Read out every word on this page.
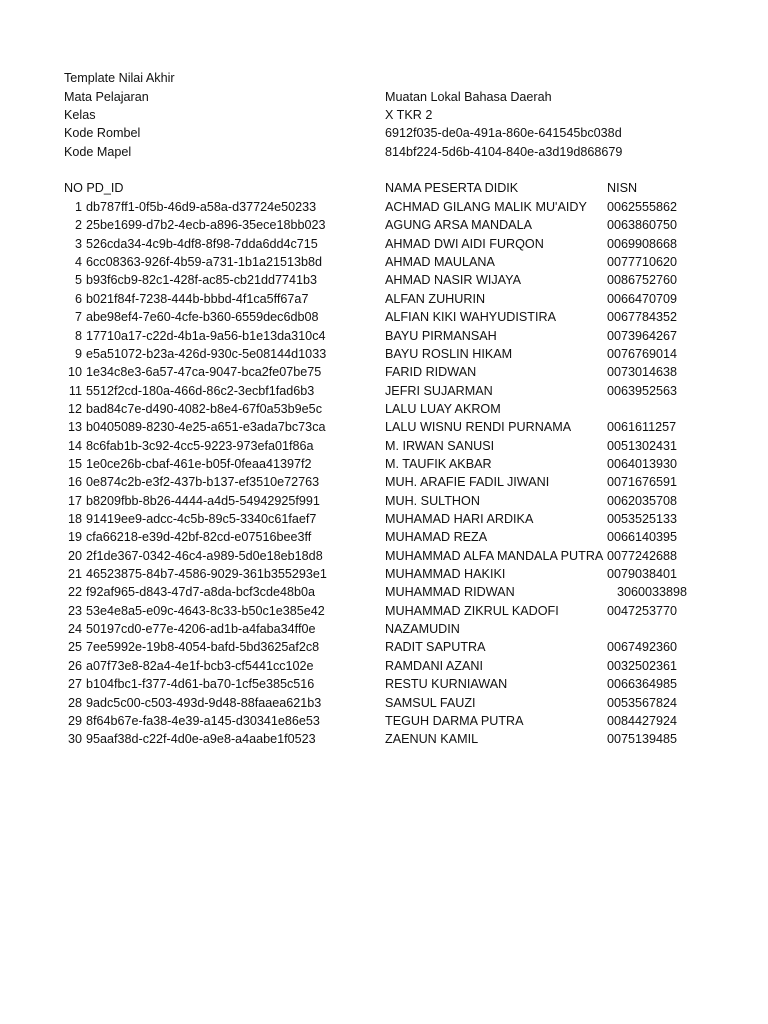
Template Nilai Akhir
Mata Pelajaran	Muatan Lokal Bahasa Daerah
Kelas	X TKR 2
Kode Rombel	6912f035-de0a-491a-860e-641545bc038d
Kode Mapel	814bf224-5d6b-4104-840e-a3d19d868679
NO PD_ID	NAMA PESERTA DIDIK	NISN
1 db787ff1-0f5b-46d9-a58a-d37724e50233	ACHMAD GILANG MALIK MU'AIDY 0062555862
2 25be1699-d7b2-4ecb-a896-35ece18bb023	AGUNG ARSA MANDALA	0063860750
3 526cda34-4c9b-4df8-8f98-7dda6dd4c715	AHMAD DWI AIDI FURQON	0069908668
4 6cc08363-926f-4b59-a731-1b1a21513b8d	AHMAD MAULANA	0077710620
5 b93f6cb9-82c1-428f-ac85-cb21dd7741b3	AHMAD NASIR WIJAYA	0086752760
6 b021f84f-7238-444b-bbbd-4f1ca5ff67a7	ALFAN ZUHURIN	0066470709
7 abe98ef4-7e60-4cfe-b360-6559dec6db08	ALFIAN KIKI WAHYUDISTIRA	0067784352
8 17710a17-c22d-4b1a-9a56-b1e13da310c4	BAYU PIRMANSAH	0073964267
9 e5a51072-b23a-426d-930c-5e08144d1033	BAYU ROSLIN HIKAM	0076769014
10 1e34c8e3-6a57-47ca-9047-bca2fe07be75	FARID RIDWAN	0073014638
11 5512f2cd-180a-466d-86c2-3ecbf1fad6b3	JEFRI SUJARMAN	0063952563
12 bad84c7e-d490-4082-b8e4-67f0a53b9e5c	LALU LUAY AKROM
13 b0405089-8230-4e25-a651-e3ada7bc73ca	LALU WISNU RENDI PURNAMA	0061611257
14 8c6fab1b-3c92-4cc5-9223-973efa01f86a	M. IRWAN SANUSI	0051302431
15 1e0ce26b-cbaf-461e-b05f-0feaa41397f2	M. TAUFIK AKBAR	0064013930
16 0e874c2b-e3f2-437b-b137-ef3510e72763	MUH. ARAFIE FADIL JIWANI	0071676591
17 b8209fbb-8b26-4444-a4d5-54942925f991	MUH. SULTHON	0062035708
18 91419ee9-adcc-4c5b-89c5-3340c61faef7	MUHAMAD HARI ARDIKA	0053525133
19 cfa66218-e39d-42bf-82cd-e07516bee3ff	MUHAMAD REZA	0066140395
20 2f1de367-0342-46c4-a989-5d0e18eb18d8	MUHAMMAD ALFA MANDALA PUTRA 0077242688
21 46523875-84b7-4586-9029-361b355293e1	MUHAMMAD HAKIKI	0079038401
22 f92af965-d843-47d7-a8da-bcf3cde48b0a	MUHAMMAD RIDWAN	3060033898
23 53e4e8a5-e09c-4643-8c33-b50c1e385e42	MUHAMMAD ZIKRUL KADOFI	0047253770
24 50197cd0-e77e-4206-ad1b-a4faba34ff0e	NAZAMUDIN
25 7ee5992e-19b8-4054-bafd-5bd3625af2c8	RADIT SAPUTRA	0067492360
26 a07f73e8-82a4-4e1f-bcb3-cf5441cc102e	RAMDANI AZANI	0032502361
27 b104fbc1-f377-4d61-ba70-1cf5e385c516	RESTU KURNIAWAN	0066364985
28 9adc5c00-c503-493d-9d48-88faaea621b3	SAMSUL FAUZI	0053567824
29 8f64b67e-fa38-4e39-a145-d30341e86e53	TEGUH DARMA PUTRA	0084427924
30 95aaf38d-c22f-4d0e-a9e8-a4aabe1f0523	ZAENUN KAMIL	0075139485
